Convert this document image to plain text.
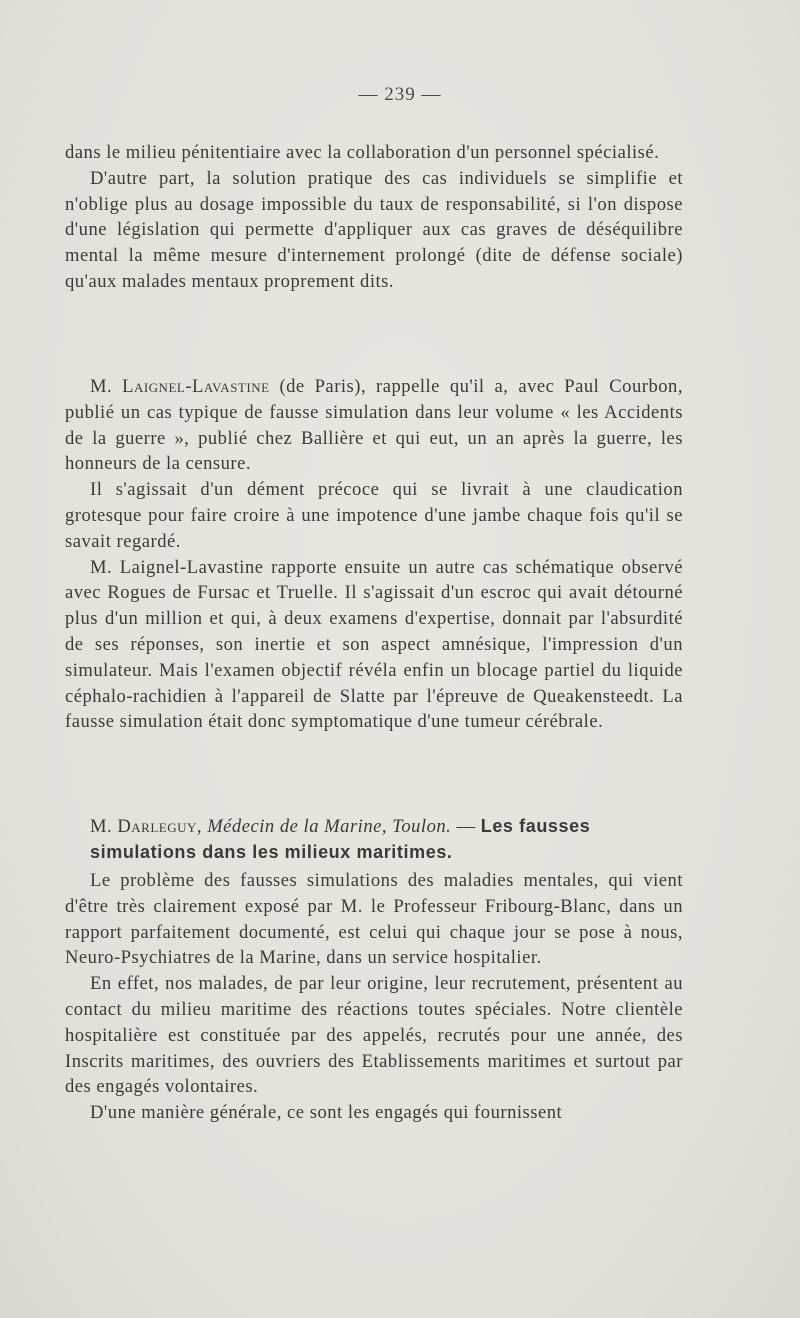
— 239 —

dans le milieu pénitentiaire avec la collaboration d'un personnel spécialisé.

D'autre part, la solution pratique des cas individuels se simplifie et n'oblige plus au dosage impossible du taux de responsabilité, si l'on dispose d'une législation qui permette d'appliquer aux cas graves de déséquilibre mental la même mesure d'internement prolongé (dite de défense sociale) qu'aux malades mentaux proprement dits.

M. Laignel-Lavastine (de Paris), rappelle qu'il a, avec Paul Courbon, publié un cas typique de fausse simulation dans leur volume « les Accidents de la guerre », publié chez Ballière et qui eut, un an après la guerre, les honneurs de la censure.

Il s'agissait d'un dément précoce qui se livrait à une claudication grotesque pour faire croire à une impotence d'une jambe chaque fois qu'il se savait regardé.

M. Laignel-Lavastine rapporte ensuite un autre cas schématique observé avec Rogues de Fursac et Truelle. Il s'agissait d'un escroc qui avait détourné plus d'un million et qui, à deux examens d'expertise, donnait par l'absurdité de ses réponses, son inertie et son aspect amnésique, l'impression d'un simulateur. Mais l'examen objectif révéla enfin un blocage partiel du liquide céphalo-rachidien à l'appareil de Slatte par l'épreuve de Queakensteedt. La fausse simulation était donc symptomatique d'une tumeur cérébrale.

M. Darleguy, Médecin de la Marine, Toulon. — Les fausses
simulations dans les milieux maritimes.

Le problème des fausses simulations des maladies mentales, qui vient d'être très clairement exposé par M. le Professeur Fribourg-Blanc, dans un rapport parfaitement documenté, est celui qui chaque jour se pose à nous, Neuro-Psychiatres de la Marine, dans un service hospitalier.

En effet, nos malades, de par leur origine, leur recrutement, présentent au contact du milieu maritime des réactions toutes spéciales. Notre clientèle hospitalière est constituée par des appelés, recrutés pour une année, des Inscrits maritimes, des ouvriers des Etablissements maritimes et surtout par des engagés volontaires.

D'une manière générale, ce sont les engagés qui fournissent
